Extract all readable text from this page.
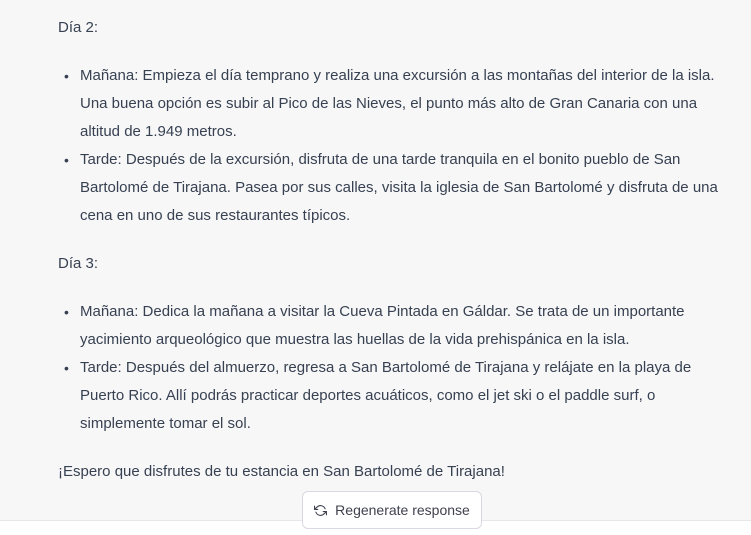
Día 2:

• Mañana: Empieza el día temprano y realiza una excursión a las montañas del interior de la isla. Una buena opción es subir al Pico de las Nieves, el punto más alto de Gran Canaria con una altitud de 1.949 metros.
• Tarde: Después de la excursión, disfruta de una tarde tranquila en el bonito pueblo de San Bartolomé de Tirajana. Pasea por sus calles, visita la iglesia de San Bartolomé y disfruta de una cena en uno de sus restaurantes típicos.

Día 3:

• Mañana: Dedica la mañana a visitar la Cueva Pintada en Gáldar. Se trata de un importante yacimiento arqueológico que muestra las huellas de la vida prehispánica en la isla.
• Tarde: Después del almuerzo, regresa a San Bartolomé de Tirajana y relájate en la playa de Puerto Rico. Allí podrás practicar deportes acuáticos, como el jet ski o el paddle surf, o simplemente tomar el sol.

¡Espero que disfrutes de tu estancia en San Bartolomé de Tirajana!

Regenerate response
